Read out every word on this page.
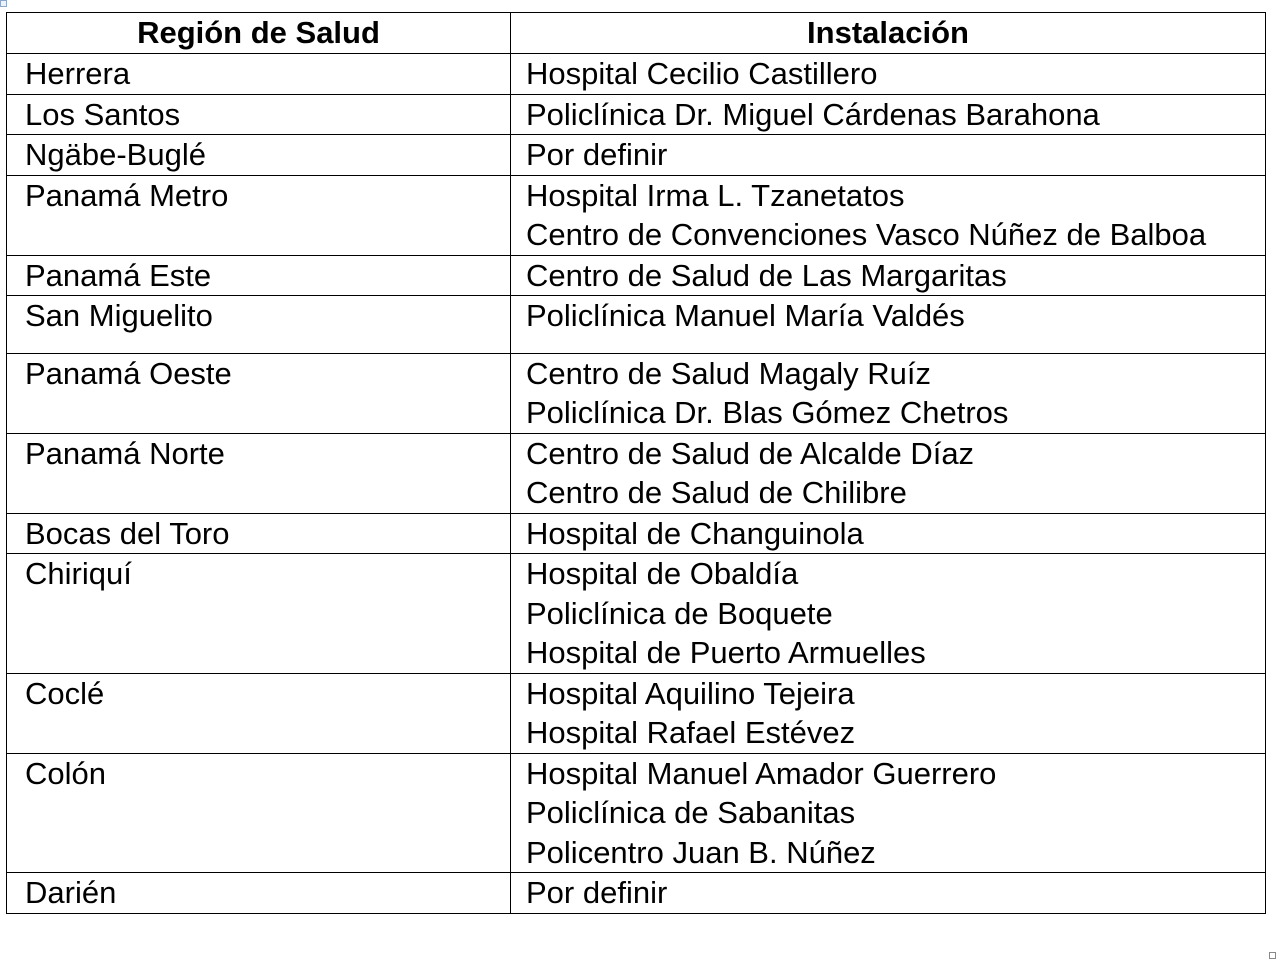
Región de Salud	Instalación
Herrera	Hospital Cecilio Castillero

Los Santos	Policlínica Dr. Miguel Cárdenas Barahona

Ngäbe-Buglé	Por definir

Panamá Metro	Hospital Irma L. Tzanetatos
Centro de Convenciones Vasco Núñez de Balboa

Panamá Este	Centro de Salud de Las Margaritas

San Miguelito	Policlínica Manuel María Valdés

Panamá Oeste	Centro de Salud Magaly Ruíz
Policlínica Dr. Blas Gómez Chetros

Panamá Norte	Centro de Salud de Alcalde Díaz
Centro de Salud de Chilibre

Bocas del Toro	Hospital de Changuinola

Chiriquí	Hospital de Obaldía
Policlínica de Boquete
Hospital de Puerto Armuelles

Coclé	Hospital Aquilino Tejeira
Hospital Rafael Estévez

Colón	Hospital Manuel Amador Guerrero
Policlínica de Sabanitas
Policentro Juan B. Núñez

Darién	Por definir
